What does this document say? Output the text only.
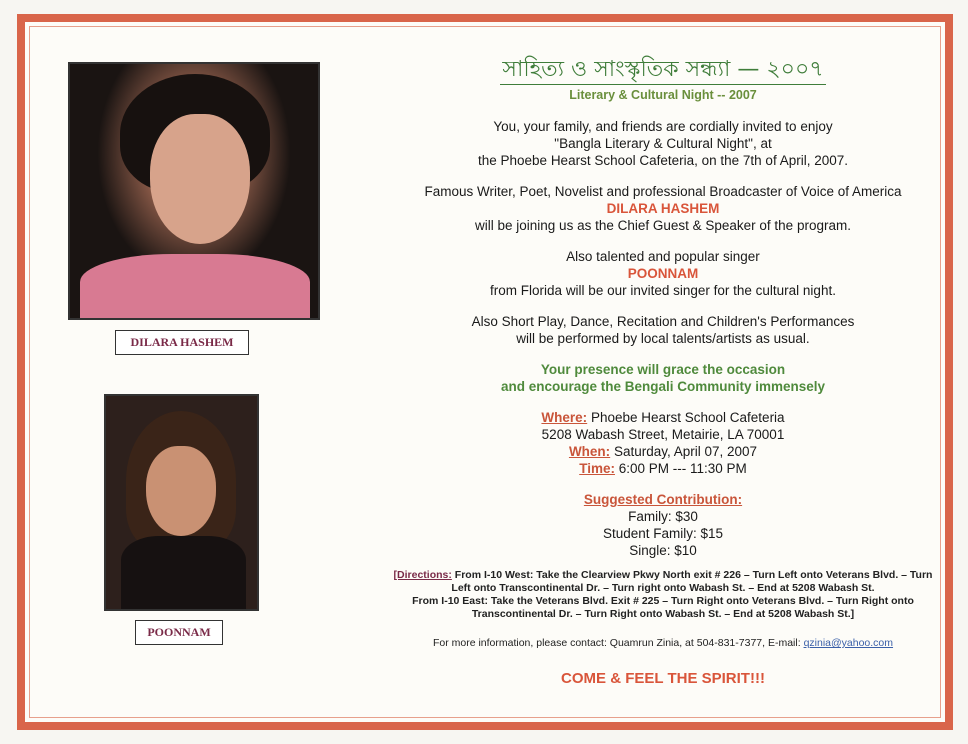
DILARA HASHEM
POONNAM
সাহিত্য ও সাংস্কৃতিক সন্ধ্যা — ২০০৭
Literary & Cultural Night -- 2007
You, your family, and friends are cordially invited to enjoy
"Bangla Literary & Cultural Night", at
the Phoebe Hearst School Cafeteria, on the 7th of April, 2007.
Famous Writer, Poet, Novelist and professional Broadcaster of Voice of America
DILARA HASHEM
will be joining us as the Chief Guest & Speaker of the program.
Also talented and popular singer
POONNAM
from Florida will be our invited singer for the cultural night.
Also Short Play, Dance, Recitation and Children's Performances
will be performed by local talents/artists as usual.
Your presence will grace the occasion
and encourage the Bengali Community immensely
Where: Phoebe Hearst School Cafeteria
5208 Wabash Street, Metairie, LA 70001
When: Saturday, April 07, 2007
Time: 6:00 PM --- 11:30 PM
Suggested Contribution:
Family: $30
Student Family: $15
Single: $10
[Directions: From I-10 West: Take the Clearview Pkwy North exit # 226 – Turn Left onto Veterans Blvd. – Turn Left onto Transcontinental Dr. – Turn right onto Wabash St. – End at 5208 Wabash St.
From I-10 East: Take the Veterans Blvd. Exit # 225 – Turn Right onto Veterans Blvd. – Turn Right onto Transcontinental Dr. – Turn Right onto Wabash St. – End at 5208 Wabash St.]
For more information, please contact: Quamrun Zinia, at 504-831-7377, E-mail: qzinia@yahoo.com
COME & FEEL THE SPIRIT!!!
